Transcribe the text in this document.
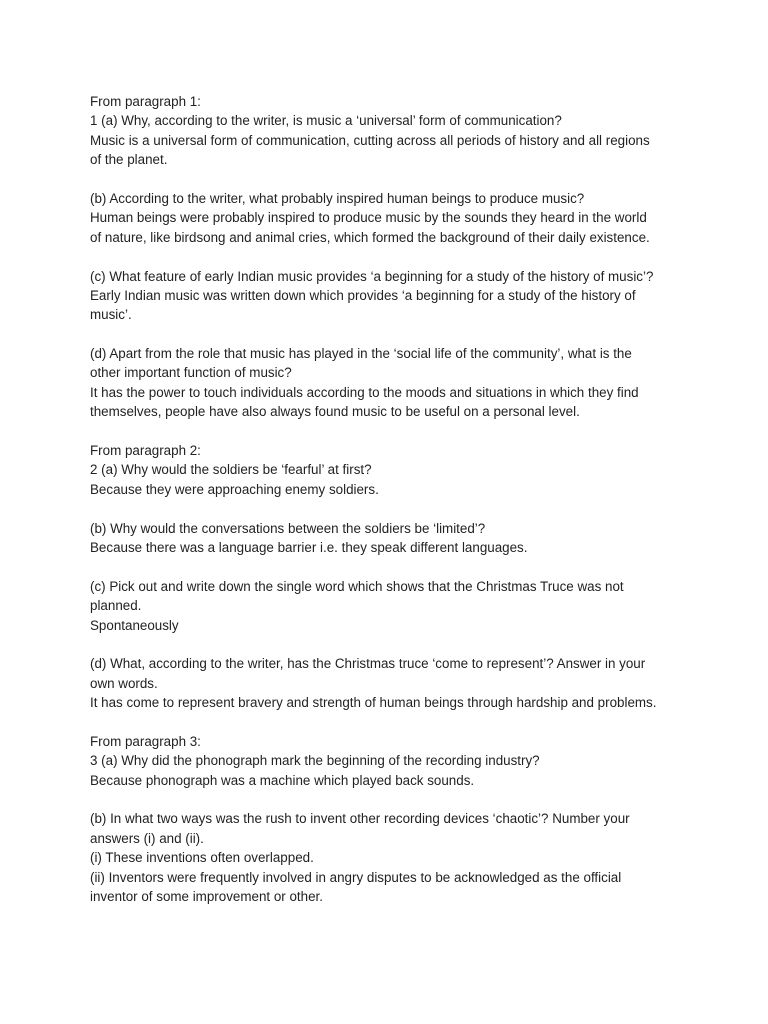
From paragraph 1:
1 (a) Why, according to the writer, is music a ‘universal’ form of communication?
Music is a universal form of communication, cutting across all periods of history and all regions
of the planet.
(b) According to the writer, what probably inspired human beings to produce music?
Human beings were probably inspired to produce music by the sounds they heard in the world
of nature, like birdsong and animal cries, which formed the background of their daily existence.
(c) What feature of early Indian music provides ‘a beginning for a study of the history of music’?
Early Indian music was written down which provides ‘a beginning for a study of the history of
music’.
(d) Apart from the role that music has played in the ‘social life of the community’, what is the
other important function of music?
It has the power to touch individuals according to the moods and situations in which they find
themselves, people have also always found music to be useful on a personal level.
From paragraph 2:
2 (a) Why would the soldiers be ‘fearful’ at first?
Because they were approaching enemy soldiers.
(b) Why would the conversations between the soldiers be ‘limited’?
Because there was a language barrier i.e. they speak different languages.
(c) Pick out and write down the single word which shows that the Christmas Truce was not
planned.
Spontaneously
(d) What, according to the writer, has the Christmas truce ‘come to represent’? Answer in your
own words.
It has come to represent bravery and strength of human beings through hardship and problems.
From paragraph 3:
3 (a) Why did the phonograph mark the beginning of the recording industry?
Because phonograph was a machine which played back sounds.
(b) In what two ways was the rush to invent other recording devices ‘chaotic’? Number your
answers (i) and (ii).
(i) These inventions often overlapped.
(ii) Inventors were frequently involved in angry disputes to be acknowledged as the official
inventor of some improvement or other.
